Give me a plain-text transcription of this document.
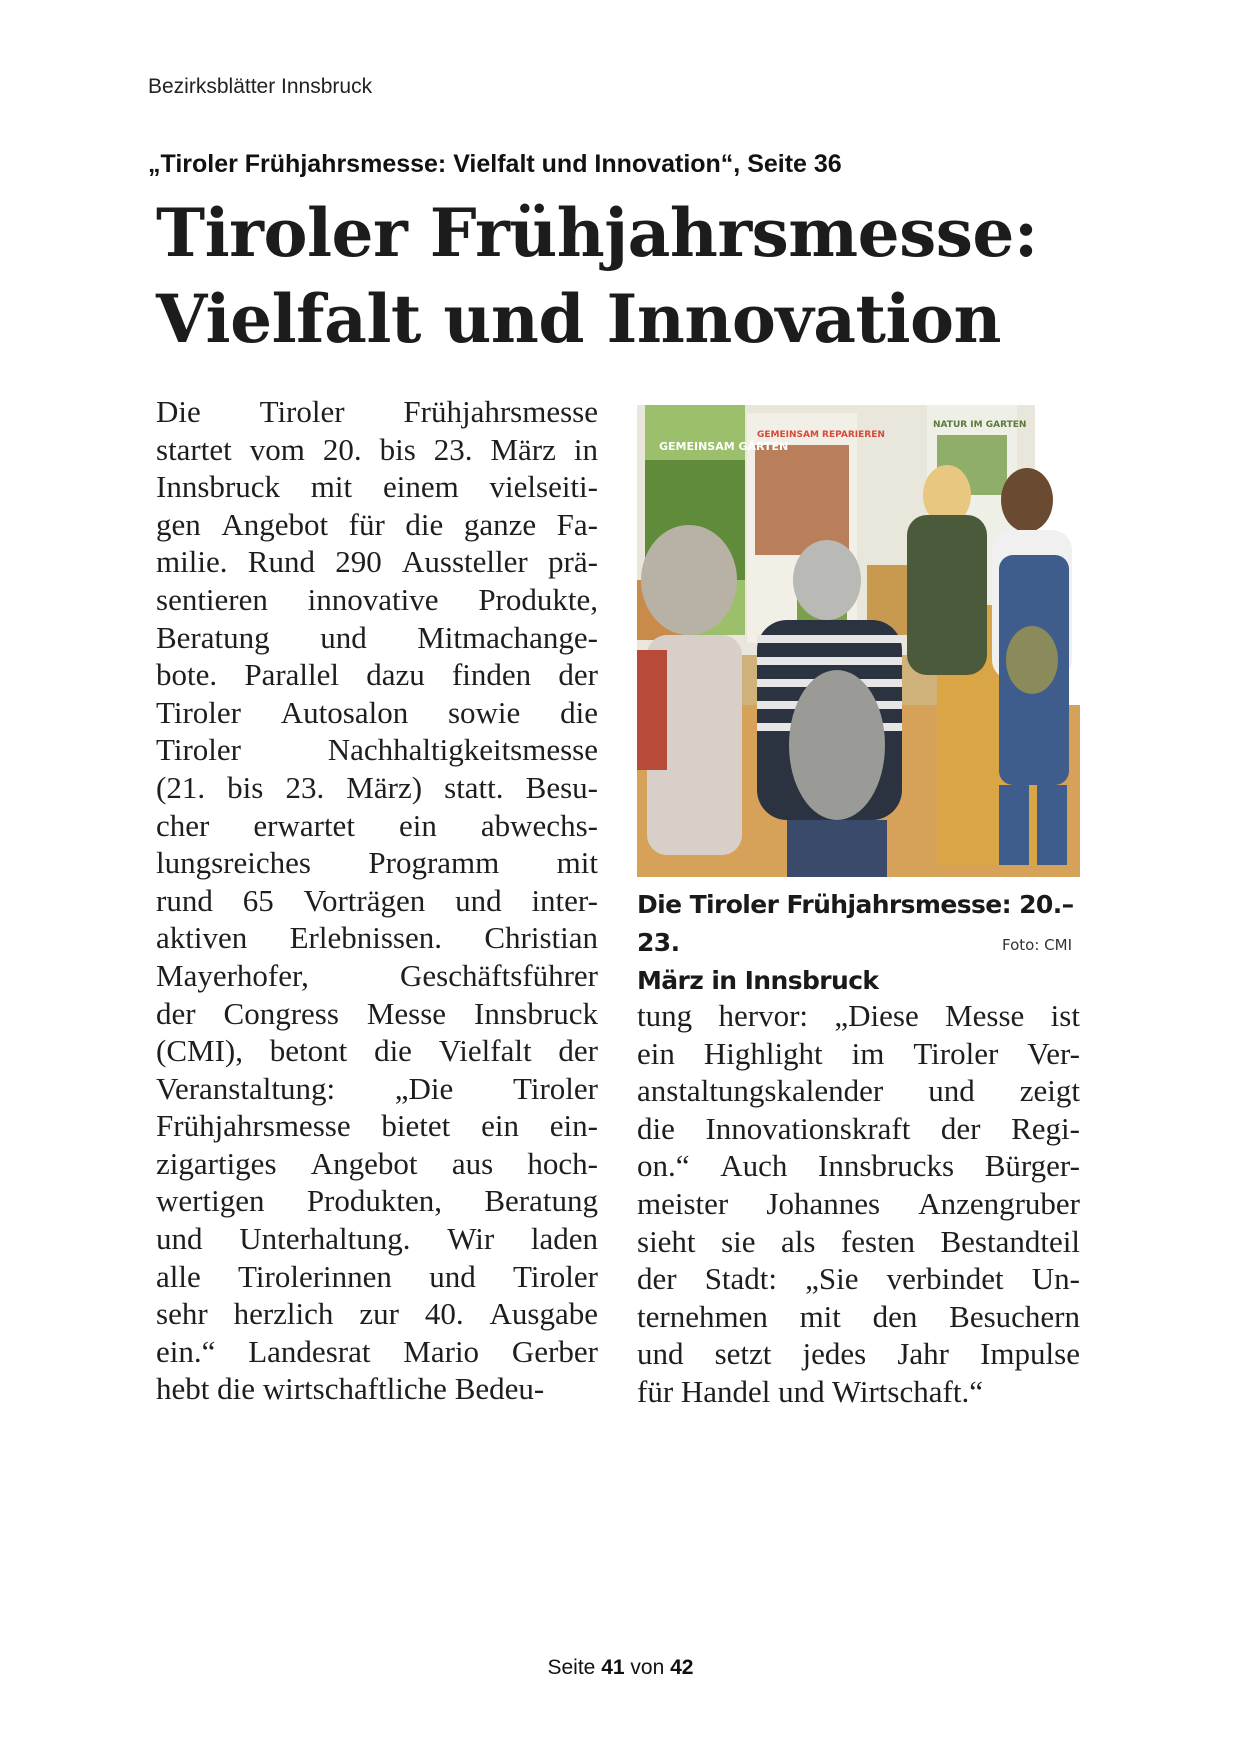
Bezirksblätter Innsbruck
„Tiroler Frühjahrsmesse: Vielfalt und Innovation“, Seite 36
Tiroler Frühjahrsmesse:
Vielfalt und Innovation
Die Tiroler Frühjahrsmesse
startet vom 20. bis 23. März in
Innsbruck mit einem vielseiti-
gen Angebot für die ganze Fa-
milie. Rund 290 Aussteller prä-
sentieren innovative Produkte,
Beratung und Mitmachange-
bote. Parallel dazu finden der
Tiroler Autosalon sowie die
Tiroler	Nachhaltigkeitsmesse
(21. bis 23. März) statt. Besu-
cher erwartet ein abwechs-
lungsreiches Programm mit
rund 65 Vorträgen und inter-
aktiven Erlebnissen. Christian
Mayerhofer,	Geschäftsführer
der Congress Messe Innsbruck
(CMI), betont die Vielfalt der
Veranstaltung: „Die Tiroler
Frühjahrsmesse bietet ein ein-
zigartiges Angebot aus hoch-
wertigen Produkten, Beratung
und Unterhaltung. Wir laden
alle Tirolerinnen und Tiroler
sehr herzlich zur 40. Ausgabe
ein.“ Landesrat Mario Gerber
hebt die wirtschaftliche Bedeu-
GEMEINSAM GÄRTEN
GEMEINSAM REPARIEREN
NATUR IM GARTEN
Die Tiroler Frühjahrsmesse: 20.–23.
März in Innsbruck
Foto: CMI
tung hervor: „Diese Messe ist
ein Highlight im Tiroler Ver-
anstaltungskalender und zeigt
die Innovationskraft der Regi-
on.“ Auch Innsbrucks Bürger-
meister Johannes Anzengruber
sieht sie als festen Bestandteil
der Stadt: „Sie verbindet Un-
ternehmen mit den Besuchern
und setzt jedes Jahr Impulse
für Handel und Wirtschaft.“
Seite 41 von 42
